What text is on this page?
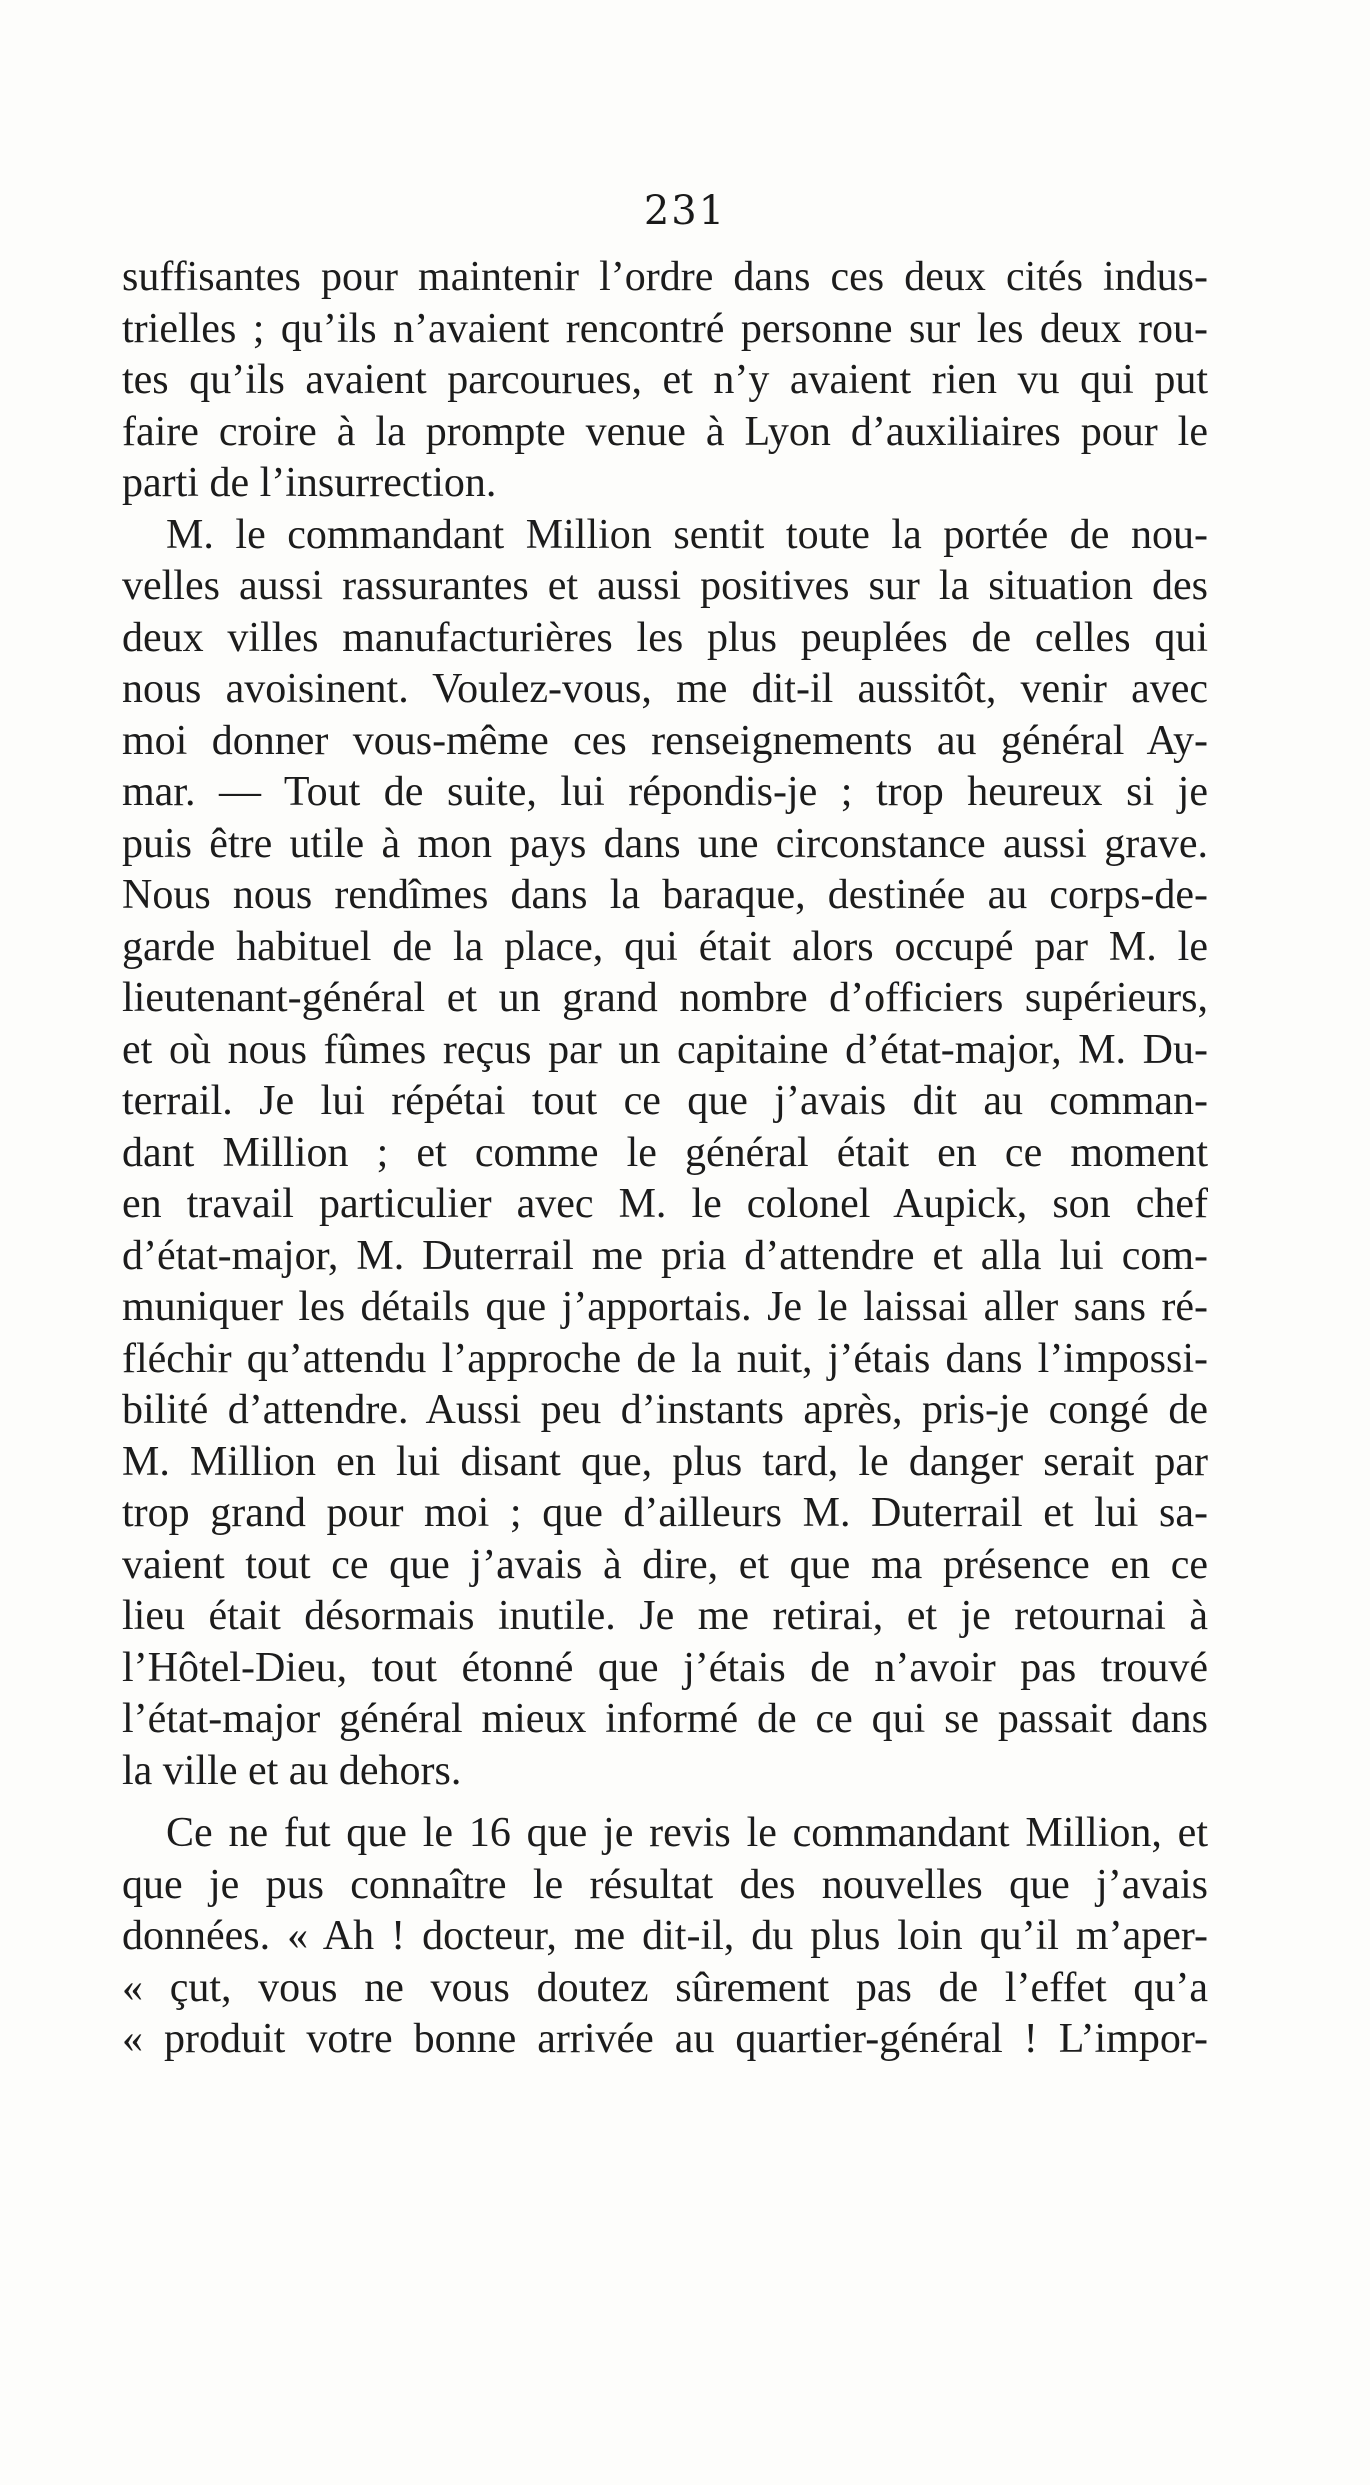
231
suffisantes pour maintenir l’ordre dans ces deux cités indus-
trielles ; qu’ils n’avaient rencontré personne sur les deux rou-
tes qu’ils avaient parcourues, et n’y avaient rien vu qui put
faire croire à la prompte venue à Lyon d’auxiliaires pour le
parti de l’insurrection.
M. le commandant Million sentit toute la portée de nou-
velles aussi rassurantes et aussi positives sur la situation des
deux villes manufacturières les plus peuplées de celles qui
nous avoisinent. Voulez-vous, me dit-il aussitôt, venir avec
moi donner vous-même ces renseignements au général Ay-
mar. — Tout de suite, lui répondis-je ; trop heureux si je
puis être utile à mon pays dans une circonstance aussi grave.
Nous nous rendîmes dans la baraque, destinée au corps-de-
garde habituel de la place, qui était alors occupé par M. le
lieutenant-général et un grand nombre d’officiers supérieurs,
et où nous fûmes reçus par un capitaine d’état-major, M. Du-
terrail. Je lui répétai tout ce que j’avais dit au comman-
dant Million ; et comme le général était en ce moment
en travail particulier avec M. le colonel Aupick, son chef
d’état-major, M. Duterrail me pria d’attendre et alla lui com-
muniquer les détails que j’apportais. Je le laissai aller sans ré-
fléchir qu’attendu l’approche de la nuit, j’étais dans l’impossi-
bilité d’attendre. Aussi peu d’instants après, pris-je congé de
M. Million en lui disant que, plus tard, le danger serait par
trop grand pour moi ; que d’ailleurs M. Duterrail et lui sa-
vaient tout ce que j’avais à dire, et que ma présence en ce
lieu était désormais inutile. Je me retirai, et je retournai à
l’Hôtel-Dieu, tout étonné que j’étais de n’avoir pas trouvé
l’état-major général mieux informé de ce qui se passait dans
la ville et au dehors.
Ce ne fut que le 16 que je revis le commandant Million, et
que je pus connaître le résultat des nouvelles que j’avais
données. « Ah ! docteur, me dit-il, du plus loin qu’il m’aper-
« çut, vous ne vous doutez sûrement pas de l’effet qu’a
« produit votre bonne arrivée au quartier-général ! L’impor-
